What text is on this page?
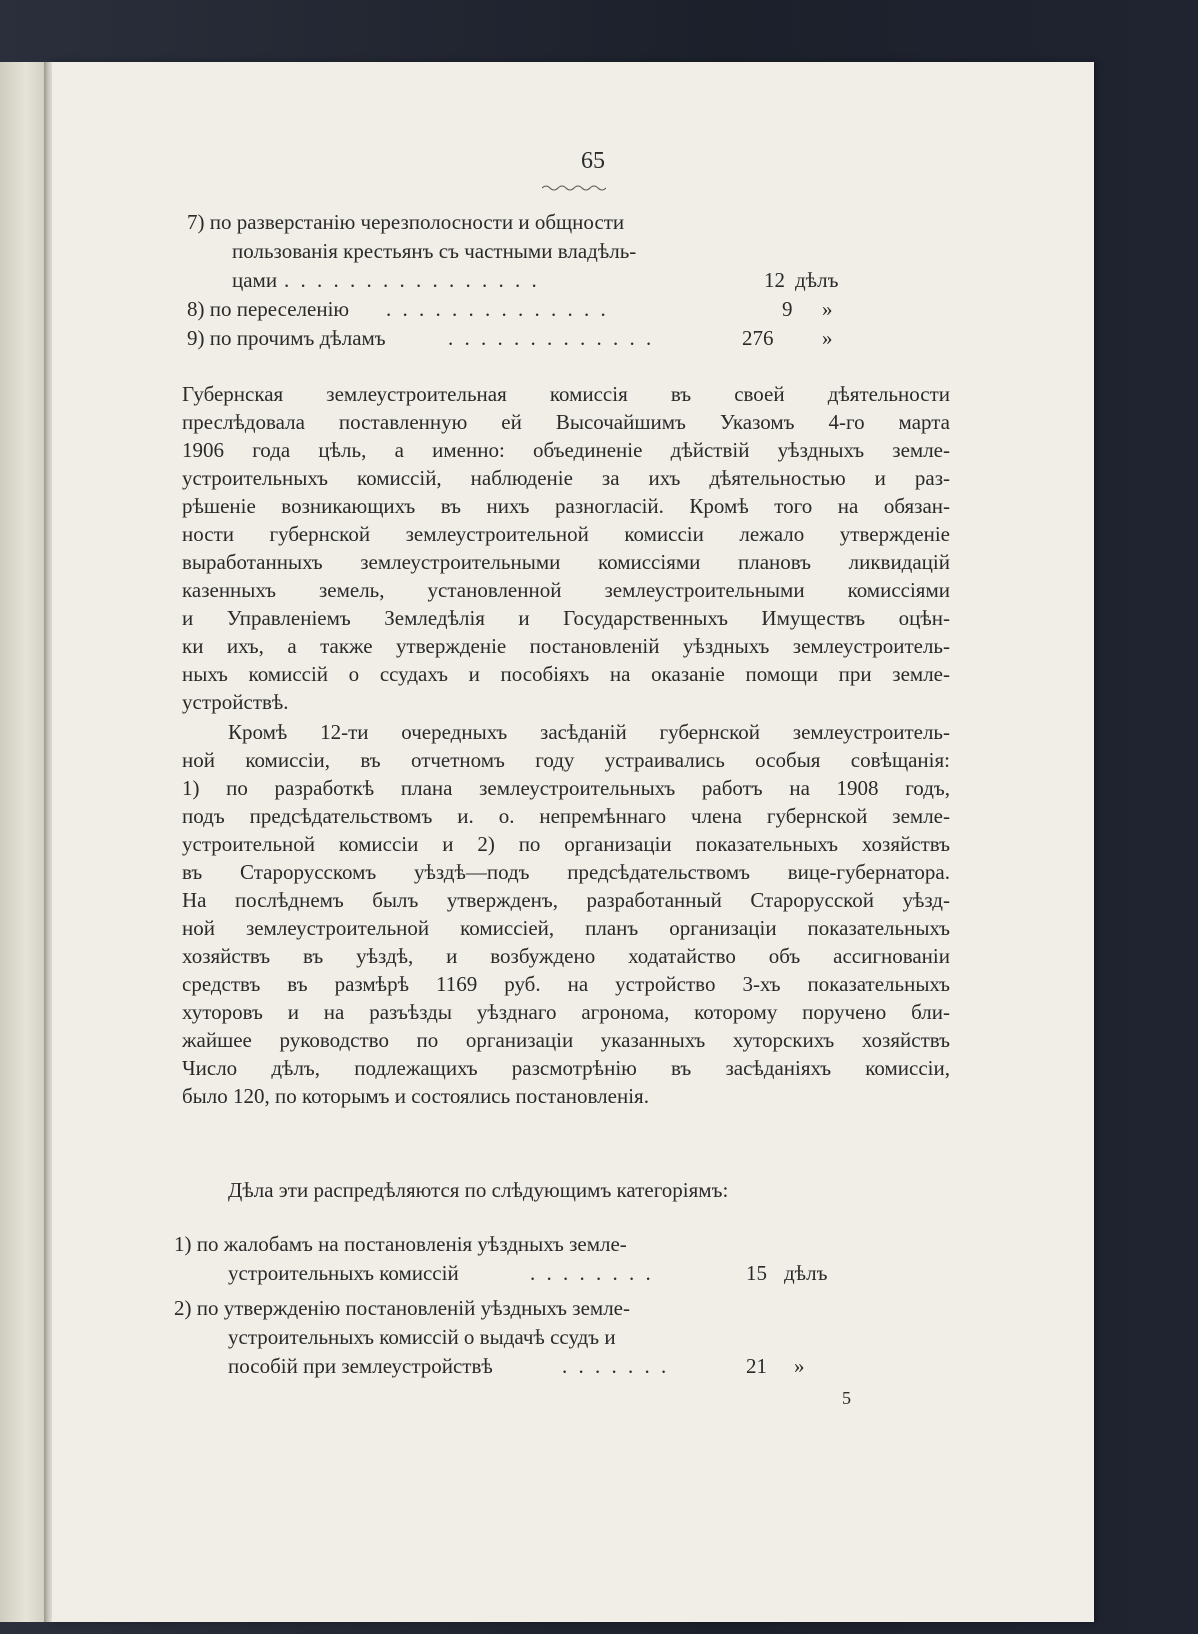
65
7) по разверстанію черезполосности и общности
пользованія крестьянъ съ частными владѣль-
цами . . . . . . . . . . . . . . . .	12 дѣлъ
8) по переселенію . . . . . . . . . . . . . .	9 »
9) по прочимъ дѣламъ	. . . . . . . . . . . . .	276 »
Губернская землеустроительная комиссія въ своей дѣятельности
преслѣдовала поставленную ей Высочайшимъ Указомъ 4-го марта
1906 года цѣль, а именно: объединеніе дѣйствій уѣздныхъ земле-
устроительныхъ комиссій, наблюденіе за ихъ дѣятельностью и раз-
рѣшеніе возникающихъ въ нихъ разногласій. Кромѣ того на обязан-
ности губернской землеустроительной комиссіи лежало утвержденіе
выработанныхъ землеустроительными комиссіями плановъ ликвидацій
казенныхъ земель, установленной землеустроительными комиссіями
и Управленіемъ Земледѣлія и Государственныхъ Имуществъ оцѣн-
ки ихъ, а также утвержденіе постановленій уѣздныхъ землеустроитель-
ныхъ комиссій о ссудахъ и пособіяхъ на оказаніе помощи при земле-
устройствѣ.
Кромѣ 12-ти очередныхъ засѣданій губернской землеустроитель-
ной комиссіи, въ отчетномъ году устраивались особыя совѣщанія:
1) по разработкѣ плана землеустроительныхъ работъ на 1908 годъ,
подъ предсѣдательствомъ и. о. непремѣннаго члена губернской земле-
устроительной комиссіи и 2) по организаціи показательныхъ хозяйствъ
въ Старорусскомъ уѣздѣ—подъ предсѣдательствомъ вице-губернатора.
На послѣднемъ былъ утвержденъ, разработанный Старорусской уѣзд-
ной землеустроительной комиссіей, планъ организаціи показательныхъ
хозяйствъ въ уѣздѣ, и возбуждено ходатайство объ ассигнованіи
средствъ въ размѣрѣ 1169 руб. на устройство 3-хъ показательныхъ
хуторовъ и на разъѣзды уѣзднаго агронома, которому поручено бли-
жайшее руководство по организаціи указанныхъ хуторскихъ хозяйствъ
Число дѣлъ, подлежащихъ разсмотрѣнію въ засѣданіяхъ комиссіи,
было 120, по которымъ и состоялись постановленія.
Дѣла эти распредѣляются по слѣдующимъ категоріямъ:
1) по жалобамъ на постановленія уѣздныхъ земле-
устроительныхъ комиссій	. . . . . . . .	15 дѣлъ
2) по утвержденію постановленій уѣздныхъ земле-
устроительныхъ комиссій о выдачѣ ссудъ и
пособій при землеустройствѣ	. . . . . . .	21 »
5
